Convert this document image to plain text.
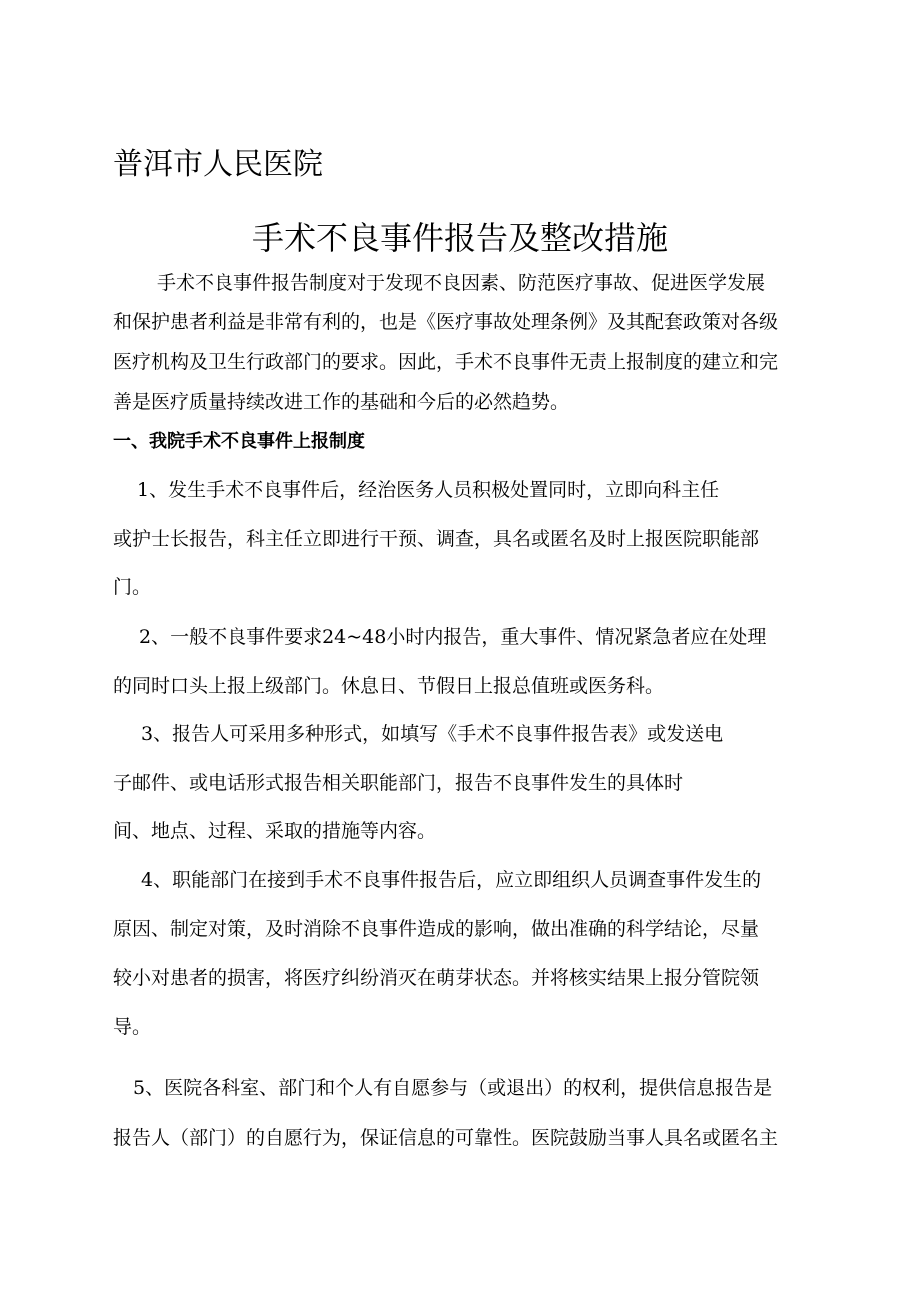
普洱市人民医院
手术不良事件报告及整改措施
手术不良事件报告制度对于发现不良因素、防范医疗事故、促进医学发展
和保护患者利益是非常有利的，也是《医疗事故处理条例》及其配套政策对各级
医疗机构及卫生行政部门的要求。因此，手术不良事件无责上报制度的建立和完
善是医疗质量持续改进工作的基础和今后的必然趋势。
一、我院手术不良事件上报制度
1、发生手术不良事件后，经治医务人员积极处置同时，立即向科主任
或护士长报告，科主任立即进行干预、调查，具名或匿名及时上报医院职能部
门。
2、一般不良事件要求24~48小时内报告，重大事件、情况紧急者应在处理
的同时口头上报上级部门。休息日、节假日上报总值班或医务科。
3、报告人可采用多种形式，如填写《手术不良事件报告表》或发送电
子邮件、或电话形式报告相关职能部门，报告不良事件发生的具体时
间、地点、过程、采取的措施等内容。
4、职能部门在接到手术不良事件报告后，应立即组织人员调查事件发生的
原因、制定对策，及时消除不良事件造成的影响，做出准确的科学结论，尽量
较小对患者的损害，将医疗纠纷消灭在萌芽状态。并将核实结果上报分管院领
导。
5、医院各科室、部门和个人有自愿参与（或退出）的权利，提供信息报告是
报告人（部门）的自愿行为，保证信息的可靠性。医院鼓励当事人具名或匿名主
